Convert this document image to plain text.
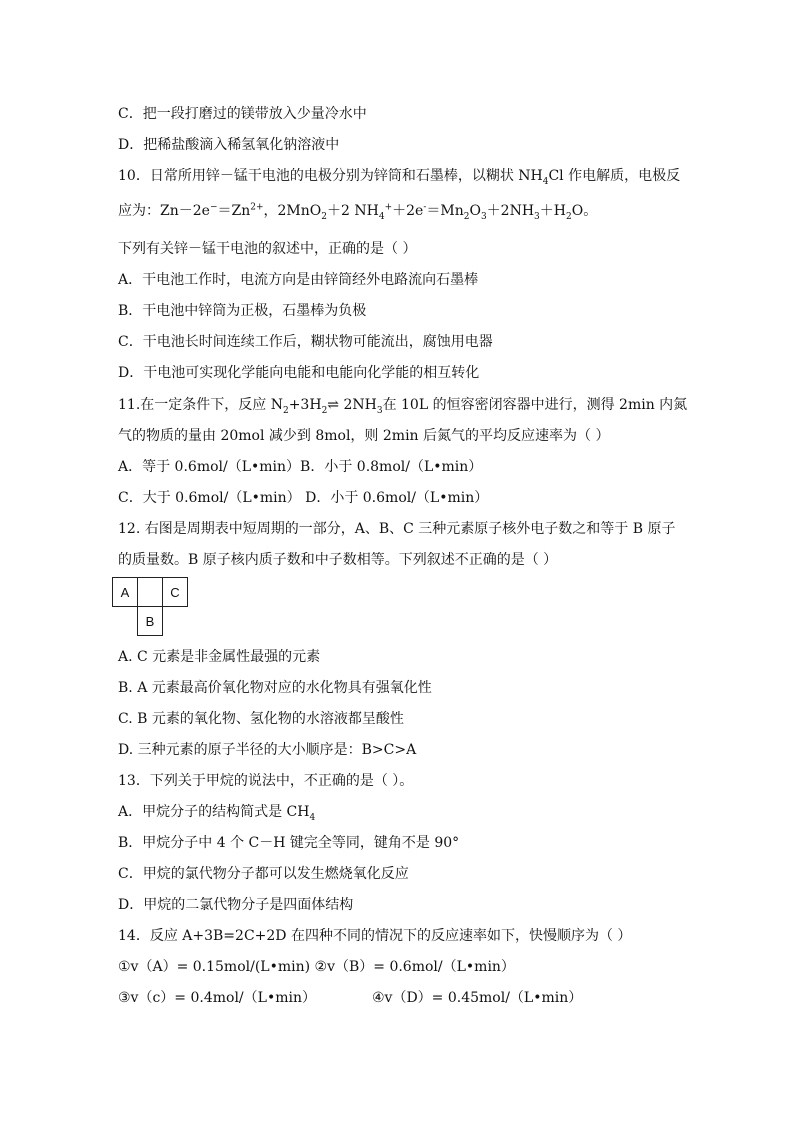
C．把一段打磨过的镁带放入少量冷水中
D．把稀盐酸滴入稀氢氧化钠溶液中
10．日常所用锌－锰干电池的电极分别为锌筒和石墨棒，以糊状 $NH_4Cl$ 作电解质，电极反
应为：$Zn-2e^-=Zn^{2+}$，2MnO$_2$＋2 $NH_4^++2e^-=Mn_2O_3+2NH_3+H_2O$。
下列有关锌－锰干电池的叙述中，正确的是（ ）
A．干电池工作时，电流方向是由锌筒经外电路流向石墨棒
B．干电池中锌筒为正极，石墨棒为负极
C．干电池长时间连续工作后，糊状物可能流出，腐蚀用电器
D．干电池可实现化学能向电能和电能向化学能的相互转化
11.在一定条件下，反应 $N_2+3H_2\rightleftharpoons$ $2NH_3$在 10L 的恒容密闭容器中进行，测得 2min 内氮
气的物质的量由 20mol 减少到 8mol，则 2min 后氮气的平均反应速率为（ ）
A．等于 0.6mol/（L•min）B．小于 0.8mol/（L•min）
C．大于 0.6mol/（L•min） D．小于 0.6mol/（L•min）
12. 右图是周期表中短周期的一部分，A、B、C 三种元素原子核外电子数之和等于 B 原子
的质量数。B 原子核内质子数和中子数相等。下列叙述不正确的是（ ）
A		C
	B	
A. C 元素是非金属性最强的元素
B. A 元素最高价氧化物对应的水化物具有强氧化性
C. B 元素的氧化物、氢化物的水溶液都呈酸性
D. 三种元素的原子半径的大小顺序是：B>C>A
13．下列关于甲烷的说法中，不正确的是（ ）。
A．甲烷分子的结构简式是 $CH_4$
B．甲烷分子中 4 个 C－H 键完全等同，键角不是 90°
C．甲烷的氯代物分子都可以发生燃烧氧化反应
D．甲烷的二氯代物分子是四面体结构
14．反应 A+3B=2C+2D 在四种不同的情况下的反应速率如下，快慢顺序为（ ）
①v（A）= 0.15mol/(L•min) ②v（B）= 0.6mol/（L•min）
③v（c）= 0.4mol/（L•min）	④v（D）= 0.45mol/（L•min）
